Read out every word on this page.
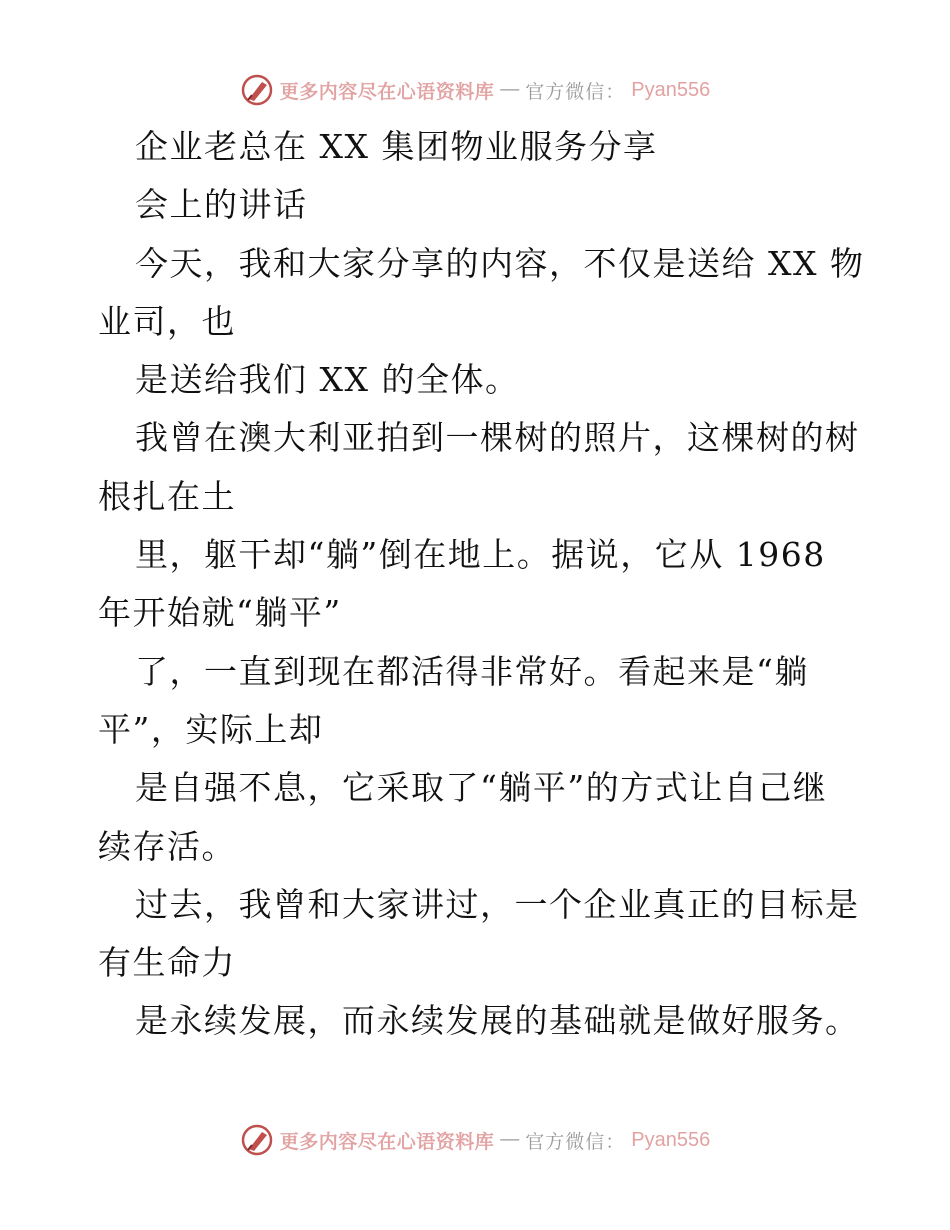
更多内容尽在心语资料库 — 官方微信： Pyan556
企业老总在 XX 集团物业服务分享
会上的讲话
今天，我和大家分享的内容，不仅是送给 XX 物
业司，也
是送给我们 XX 的全体。
我曾在澳大利亚拍到一棵树的照片，这棵树的树
根扎在土
里，躯干却“躺”倒在地上。据说，它从 1968
年开始就“躺平”
了，一直到现在都活得非常好。看起来是“躺
平”，实际上却
是自强不息，它采取了“躺平”的方式让自己继
续存活。
过去，我曾和大家讲过，一个企业真正的目标是
有生命力
是永续发展，而永续发展的基础就是做好服务。
更多内容尽在心语资料库 — 官方微信： Pyan556
